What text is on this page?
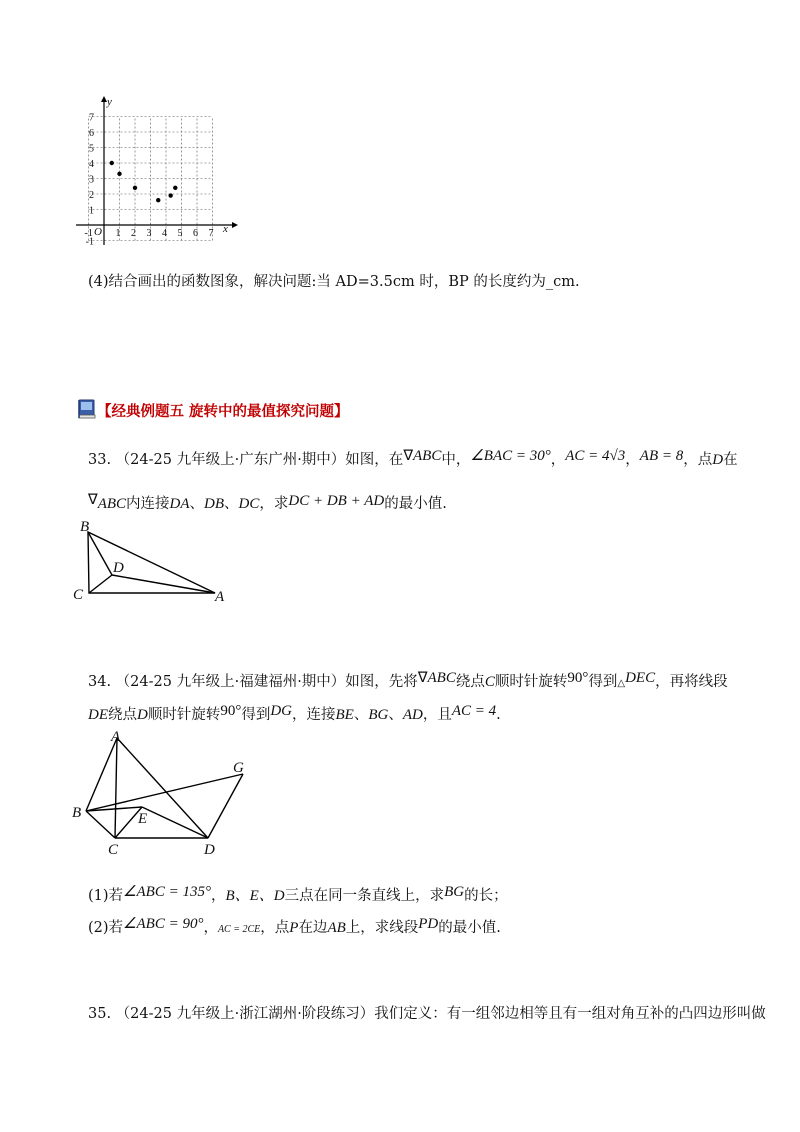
y
x
O
-1 1 2 3 4 5 6 7
7
6
5
4
3
2
1
-1
(4)结合画出的函数图象，解决问题:当 AD=3.5cm 时，BP 的长度约为_cm.
【经典例题五 旋转中的最值探究问题】
33. （24-25 九年级上·广东广州·期中）如图，在∇ABC中，∠BAC = 30°，AC = 4√3，AB = 8，点D在
∇ABC内连接DA、DB、DC，求DC + DB + AD的最小值.
B
C
D
A
34. （24-25 九年级上·福建福州·期中）如图，先将∇ABC绕点C顺时针旋转90°得到△DEC，再将线段
DE绕点D顺时针旋转90°得到DG，连接BE、BG、AD，且AC = 4.
A
G
B	E
C	D
(1)若∠ABC = 135°，B、E、D三点在同一条直线上，求BG的长；
(2)若∠ABC = 90°，AC = 2CE，点P在边AB上，求线段PD的最小值.
35. （24-25 九年级上·浙江湖州·阶段练习）我们定义：有一组邻边相等且有一组对角互补的凸四边形叫做
